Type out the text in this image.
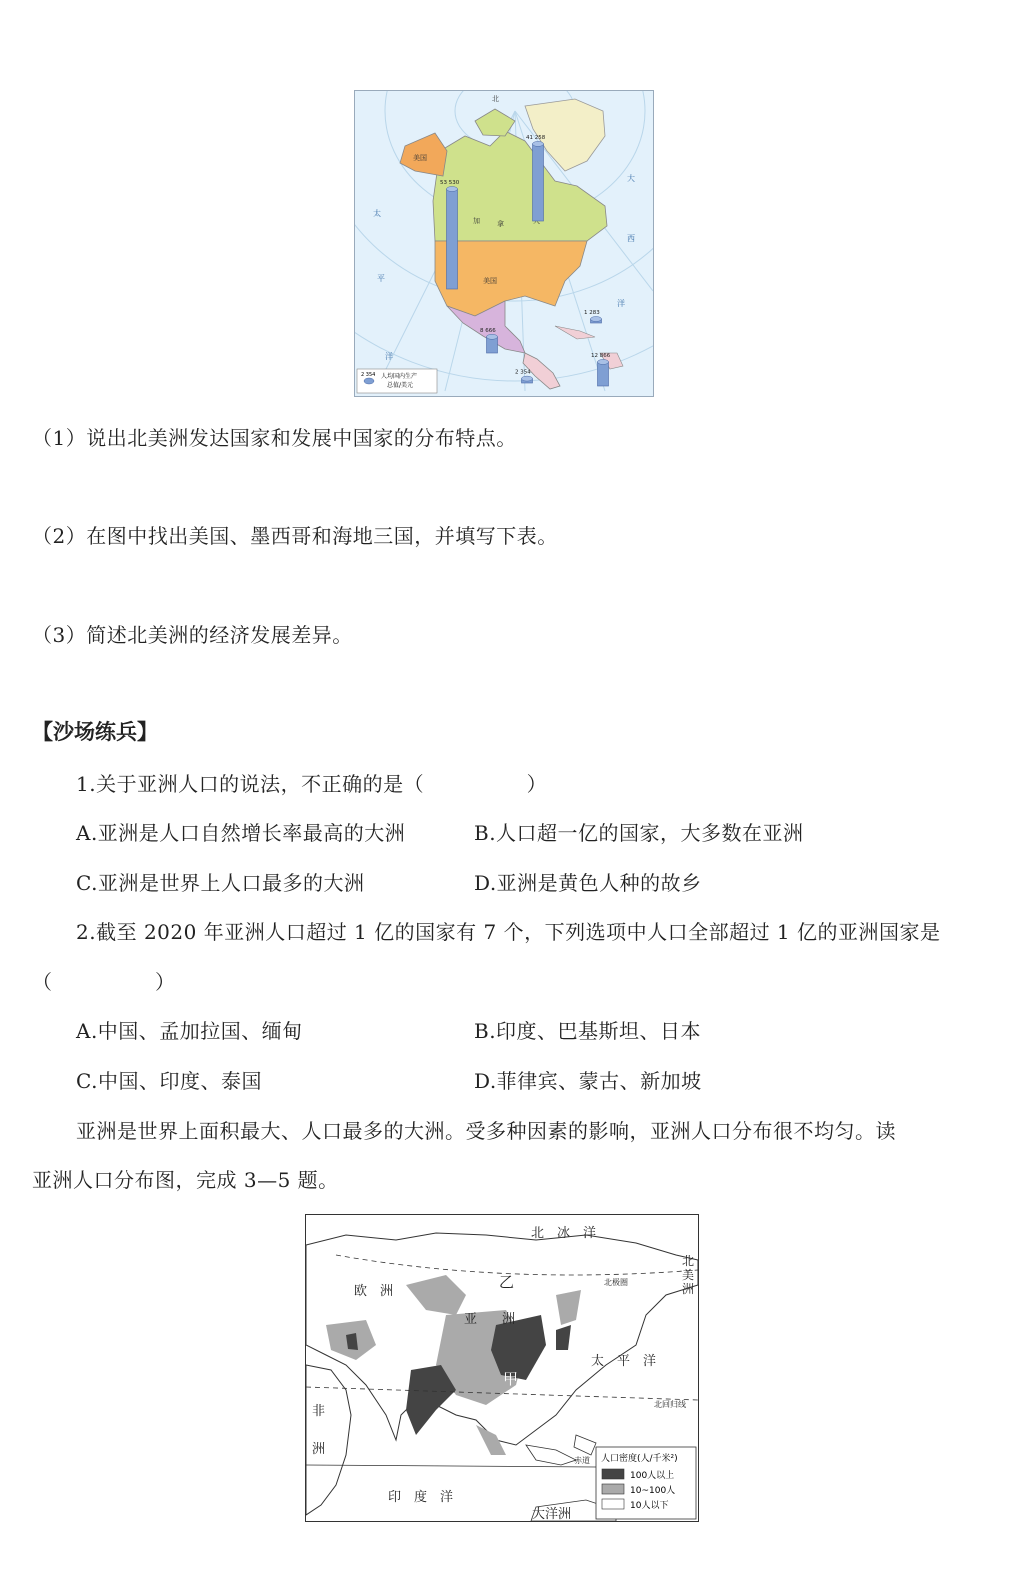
北
美国
加 拿
美国
太
平
洋
大
西
洋
41 258
53 530
8 666
1 283
2 354
12 866
2 354 人均国内生产
总值/美元
（1）说出北美洲发达国家和发展中国家的分布特点。
（2）在图中找出美国、墨西哥和海地三国，并填写下表。
（3）简述北美洲的经济发展差异。
【沙场练兵】
1.关于亚洲人口的说法，不正确的是（　　　　　）
A.亚洲是人口自然增长率最高的大洲	B.人口超一亿的国家，大多数在亚洲
C.亚洲是世界上人口最多的大洲	D.亚洲是黄色人种的故乡
2.截至 2020 年亚洲人口超过 1 亿的国家有 7 个，下列选项中人口全部超过 1 亿的亚洲国家是
（　　　　　）
A.中国、孟加拉国、缅甸	B.印度、巴基斯坦、日本
C.中国、印度、泰国	D.菲律宾、蒙古、新加坡
亚洲是世界上面积最大、人口最多的大洲。受多种因素的影响，亚洲人口分布很不均匀。读
亚洲人口分布图，完成 3—5 题。
北　冰　洋
北极圈
欧　洲
乙
亚 洲
太　平　洋
甲
北回归线
非
洲
赤道
印　度　洋
大洋洲
北
美
洲
人口密度(人/千米²)
100人以上
10~100人
10人以下
